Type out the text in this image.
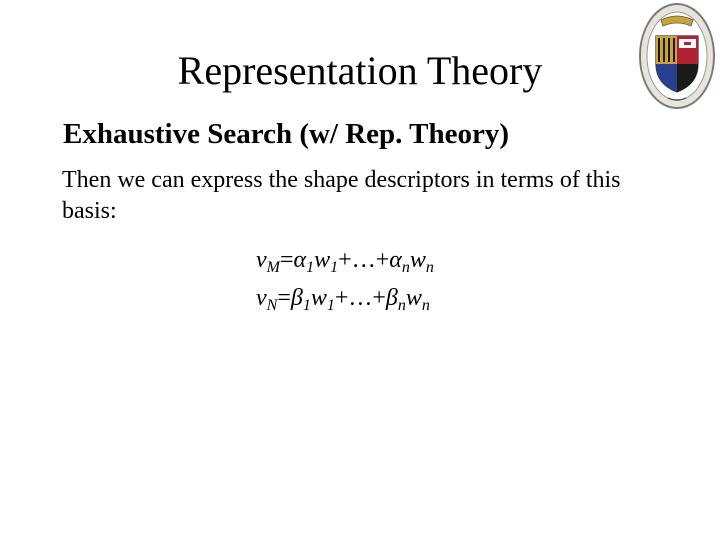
Representation Theory
Exhaustive Search (w/ Rep. Theory)
Then we can express the shape descriptors in terms of this basis:
$v_M=\alpha_1w_1+\dots+\alpha_nw_n$
$v_N=\beta_1w_1+\dots+\beta_nw_n$
